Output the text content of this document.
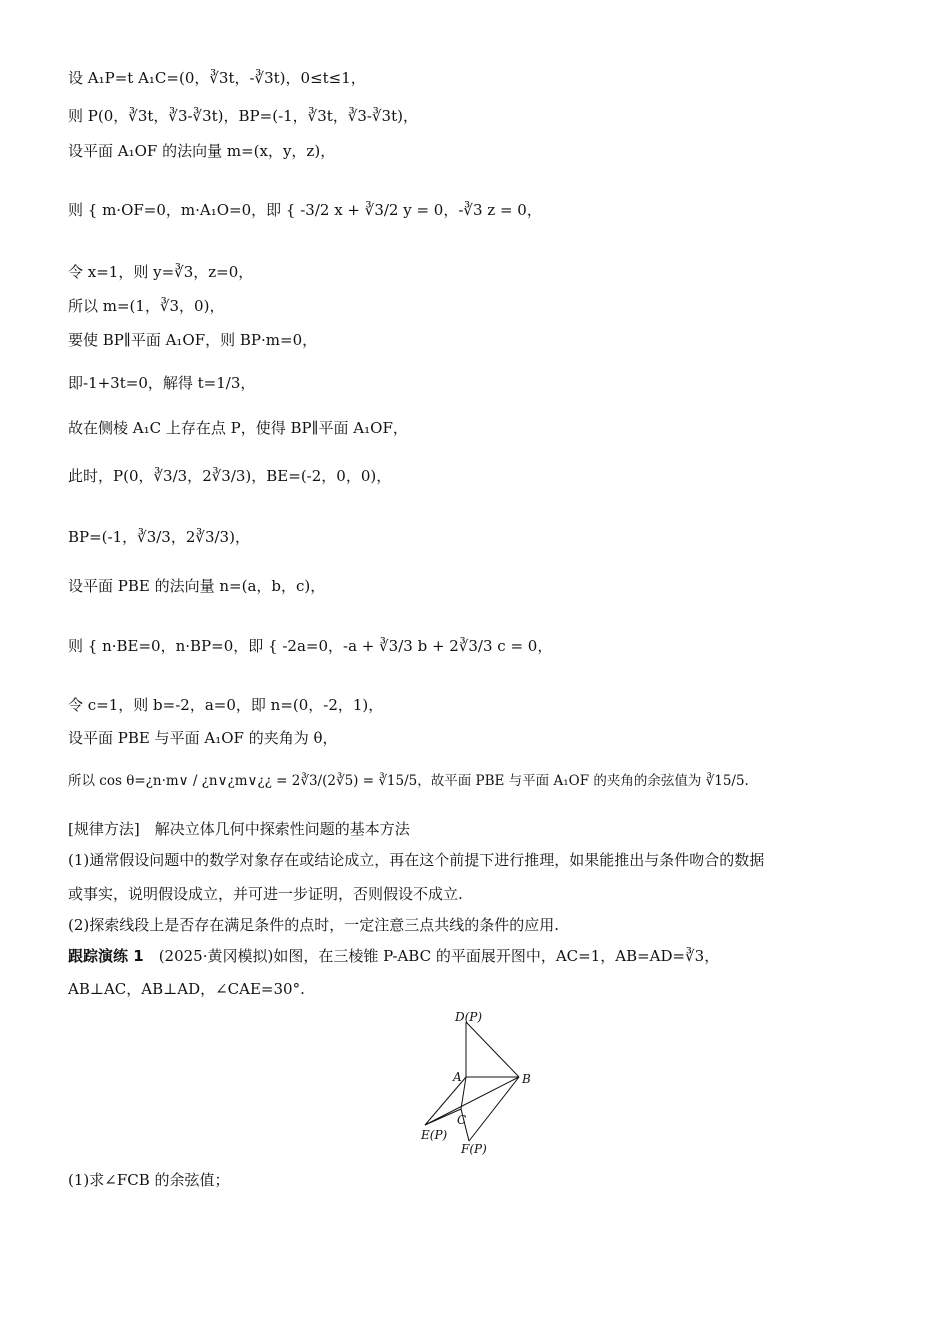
设 A₁P=t A₁C=(0，∛3t，-∛3t)，0≤t≤1，
则 P(0，∛3t，∛3-∛3t)，BP=(-1，∛3t，∛3-∛3t)，
设平面 A₁OF 的法向量 m=(x，y，z)，
则 { m·OF=0，m·A₁O=0，即 { -3/2 x + ∛3/2 y = 0，-∛3 z = 0，
令 x=1，则 y=∛3，z=0，
所以 m=(1，∛3，0)，
要使 BP∥平面 A₁OF，则 BP·m=0，
即-1+3t=0，解得 t=1/3，
故在侧棱 A₁C 上存在点 P，使得 BP∥平面 A₁OF，
此时，P(0，∛3/3，2∛3/3)，BE=(-2，0，0)，
BP=(-1，∛3/3，2∛3/3)，
设平面 PBE 的法向量 n=(a，b，c)，
则 { n·BE=0，n·BP=0，即 { -2a=0，-a + ∛3/3 b + 2∛3/3 c = 0，
令 c=1，则 b=-2，a=0，即 n=(0，-2，1)，
设平面 PBE 与平面 A₁OF 的夹角为 θ，
所以 cos θ=¿n·m∨ / ¿n∨¿m∨¿¿ = 2∛3/(2∛5) = ∛15/5，故平面 PBE 与平面 A₁OF 的夹角的余弦值为 ∛15/5.
[规律方法]　解决立体几何中探索性问题的基本方法
(1)通常假设问题中的数学对象存在或结论成立，再在这个前提下进行推理，如果能推出与条件吻合的数据
或事实，说明假设成立，并可进一步证明，否则假设不成立.
(2)探索线段上是否存在满足条件的点时，一定注意三点共线的条件的应用.
跟踪演练 1　 (2025·黄冈模拟)如图，在三棱锥 P-ABC 的平面展开图中，AC=1，AB=AD=∛3，
AB⊥AC，AB⊥AD，∠CAE=30°.
D(P)
A	B
C
E(P)
F(P)
(1)求∠FCB 的余弦值；
